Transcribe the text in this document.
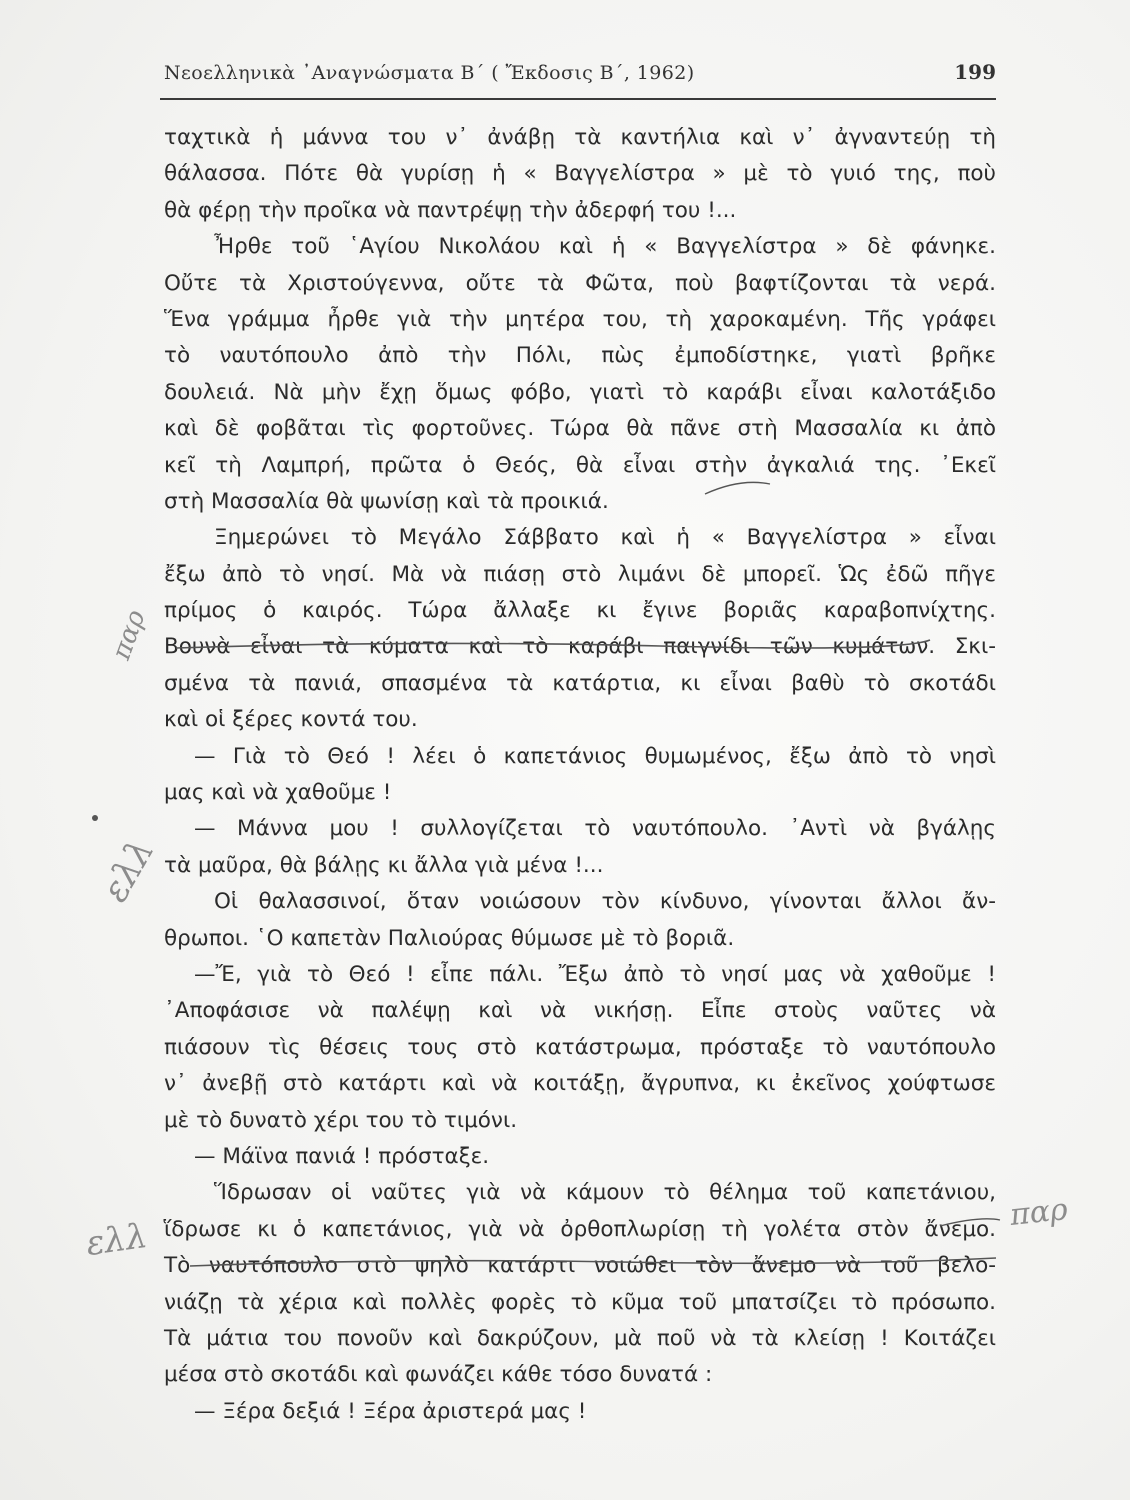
Νεοελληνικὰ ᾿Αναγνώσματα Β΄ ( Ἔκδοσις Β΄, 1962)	199
ταχτικὰ ἡ μάννα του ν᾿ ἀνάβῃ τὰ καντήλια καὶ ν᾿ ἀγναντεύῃ τὴ
θάλασσα. Πότε θὰ γυρίσῃ ἡ « Βαγγελίστρα » μὲ τὸ γυιό της, ποὺ
θὰ φέρῃ τὴν προῖκα νὰ παντρέψῃ τὴν ἀδερφή του !...
Ἦρθε τοῦ ῾Αγίου Νικολάου καὶ ἡ « Βαγγελίστρα » δὲ φάνηκε.
Οὔτε τὰ Χριστούγεννα, οὔτε τὰ Φῶτα, ποὺ βαφτίζονται τὰ νερά.
Ἕνα γράμμα ἦρθε γιὰ τὴν μητέρα του, τὴ χαροκαμένη. Τῆς γράφει
τὸ ναυτόπουλο ἀπὸ τὴν Πόλι, πὼς ἐμποδίστηκε, γιατὶ βρῆκε
δουλειά. Νὰ μὴν ἔχῃ ὅμως φόβο, γιατὶ τὸ καράβι εἶναι καλοτάξιδο
καὶ δὲ φοβᾶται τὶς φορτοῦνες. Τώρα θὰ πᾶνε στὴ Μασσαλία κι ἀπὸ
κεῖ τὴ Λαμπρή, πρῶτα ὁ Θεός, θὰ εἶναι στὴν ἀγκαλιά της. ᾿Εκεῖ
στὴ Μασσαλία θὰ ψωνίσῃ καὶ τὰ προικιά.
Ξημερώνει τὸ Μεγάλο Σάββατο καὶ ἡ « Βαγγελίστρα » εἶναι
ἔξω ἀπὸ τὸ νησί. Μὰ νὰ πιάσῃ στὸ λιμάνι δὲ μπορεῖ. Ὡς ἐδῶ πῆγε
πρίμος ὁ καιρός. Τώρα ἄλλαξε κι ἔγινε βοριᾶς καραβοπνίχτης.
Βουνὰ εἶναι τὰ κύματα καὶ τὸ καράβι παιγνίδι τῶν κυμάτων. Σκι-
σμένα τὰ πανιά, σπασμένα τὰ κατάρτια, κι εἶναι βαθὺ τὸ σκοτάδι
καὶ οἱ ξέρες κοντά του.
— Γιὰ τὸ Θεό ! λέει ὁ καπετάνιος θυμωμένος, ἔξω ἀπὸ τὸ νησὶ
μας καὶ νὰ χαθοῦμε !
— Μάννα μου ! συλλογίζεται τὸ ναυτόπουλο. ᾿Αντὶ νὰ βγάλῃς
τὰ μαῦρα, θὰ βάλῃς κι ἄλλα γιὰ μένα !...
Οἱ θαλασσινοί, ὅταν νοιώσουν τὸν κίνδυνο, γίνονται ἄλλοι ἄν-
θρωποι. ῾Ο καπετὰν Παλιούρας θύμωσε μὲ τὸ βοριᾶ.
—Ἔ, γιὰ τὸ Θεό ! εἶπε πάλι. Ἔξω ἀπὸ τὸ νησί μας νὰ χαθοῦμε !
᾿Αποφάσισε νὰ παλέψῃ καὶ νὰ νικήσῃ. Εἶπε στοὺς ναῦτες νὰ
πιάσουν τὶς θέσεις τους στὸ κατάστρωμα, πρόσταξε τὸ ναυτόπουλο
ν᾿ ἀνεβῇ στὸ κατάρτι καὶ νὰ κοιτάξῃ, ἄγρυπνα, κι ἐκεῖνος χούφτωσε
μὲ τὸ δυνατὸ χέρι του τὸ τιμόνι.
— Μάϊνα πανιά ! πρόσταξε.
Ἵδρωσαν οἱ ναῦτες γιὰ νὰ κάμουν τὸ θέλημα τοῦ καπετάνιου,
ἵδρωσε κι ὁ καπετάνιος, γιὰ νὰ ὀρθοπλωρίσῃ τὴ γολέτα στὸν ἄνεμο.
Τὸ ναυτόπουλο στὸ ψηλὸ κατάρτι νοιώθει τὸν ἄνεμο νὰ τοῦ βελο-
νιάζῃ τὰ χέρια καὶ πολλὲς φορὲς τὸ κῦμα τοῦ μπατσίζει τὸ πρόσωπο.
Τὰ μάτια του πονοῦν καὶ δακρύζουν, μὰ ποῦ νὰ τὰ κλείσῃ ! Κοιτάζει
μέσα στὸ σκοτάδι καὶ φωνάζει κάθε τόσο δυνατά :
— Ξέρα δεξιά ! Ξέρα ἀριστερά μας !
παρ
ελλ
ελλ
παρ
